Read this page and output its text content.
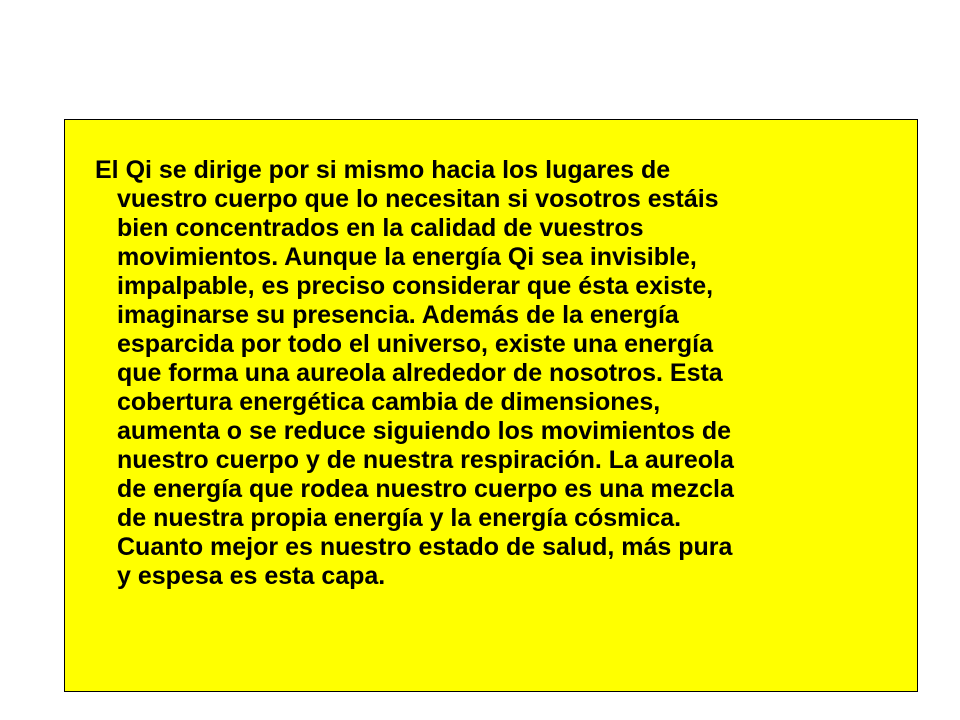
El Qi se dirige por si mismo hacia los lugares de
vuestro cuerpo que lo necesitan si vosotros estáis
bien concentrados en la calidad de vuestros
movimientos. Aunque la energía Qi sea invisible,
impalpable, es preciso considerar que ésta existe,
imaginarse su presencia. Además de la energía
esparcida por todo el universo, existe una energía
que forma una aureola alrededor de nosotros. Esta
cobertura energética cambia de dimensiones,
aumenta o se reduce siguiendo los movimientos de
nuestro cuerpo y de nuestra respiración. La aureola
de energía que rodea nuestro cuerpo es una mezcla
de nuestra propia energía y la energía cósmica.
Cuanto mejor es nuestro estado de salud, más pura
y espesa es esta capa.
